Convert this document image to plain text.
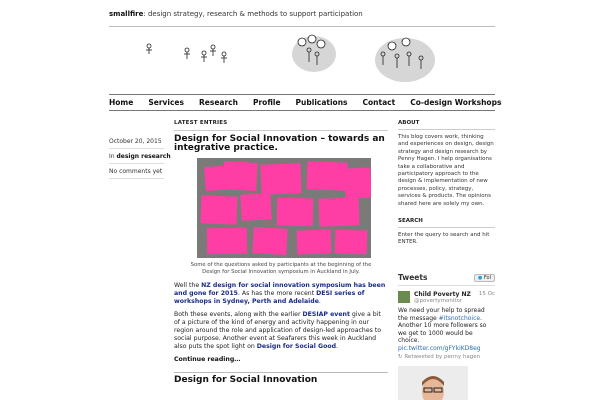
smallfire: design strategy, research & methods to support participation
Home Services Research Profile Publications Contact Co-design Workshops
October 20, 2015
In design research
No comments yet
LATEST ENTRIES
Design for Social Innovation – towards an integrative practice.
Some of the questions asked by participants at the beginning of the Design for Social Innovation symposium in Auckland in July.

Well the NZ design for social innovation symposium has been and gone for 2015. As has the more recent DESI series of workshops in Sydney, Perth and Adelaide.

Both these events, along with the earlier DESIAP event give a bit of a picture of the kind of energy and activity happening in our region around the role and application of design-led approaches to social purpose. Another event at Seafarers this week in Auckland also puts the spot light on Design for Social Good.

Continue reading…
Design for Social Innovation
ABOUT
This blog covers work, thinking and experiences on design, design strategy and design research by Penny Hagen. I help organisations take a collaborative and participatory approach to the design & implementation of new processes, policy, strategy, services & products. The opinions shared here are solely my own.
SEARCH
Enter the query to search and hit ENTER.
Tweets	● Fol
Child Poverty NZ
@povertymonitor
15 Oc
We need your help to spread the message #itsnotchoice. Another 10 more followers so we get to 1000 would be choice.
pic.twitter.com/gFYkiKD8eg
↻ Retweeted by penny hagen
